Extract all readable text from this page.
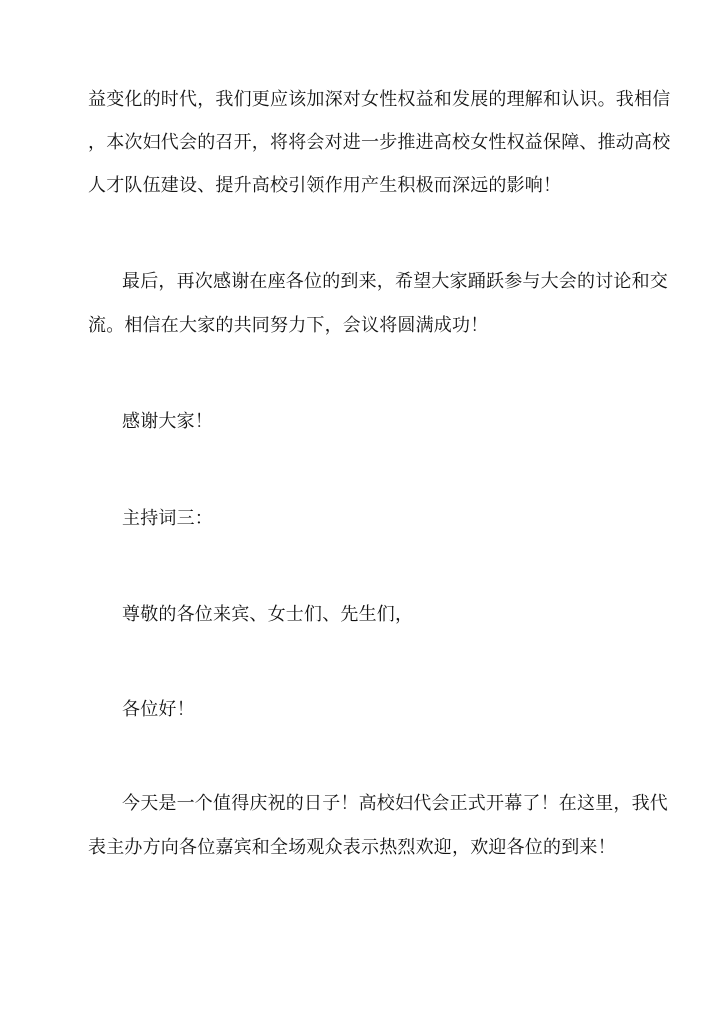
益变化的时代，我们更应该加深对女性权益和发展的理解和认识。我相信
，本次妇代会的召开，将将会对进一步推进高校女性权益保障、推动高校
人才队伍建设、提升高校引领作用产生积极而深远的影响！
最后，再次感谢在座各位的到来，希望大家踊跃参与大会的讨论和交
流。相信在大家的共同努力下，会议将圆满成功！
感谢大家！
主持词三：
尊敬的各位来宾、女士们、先生们，
各位好！
今天是一个值得庆祝的日子！高校妇代会正式开幕了！在这里，我代
表主办方向各位嘉宾和全场观众表示热烈欢迎，欢迎各位的到来！
